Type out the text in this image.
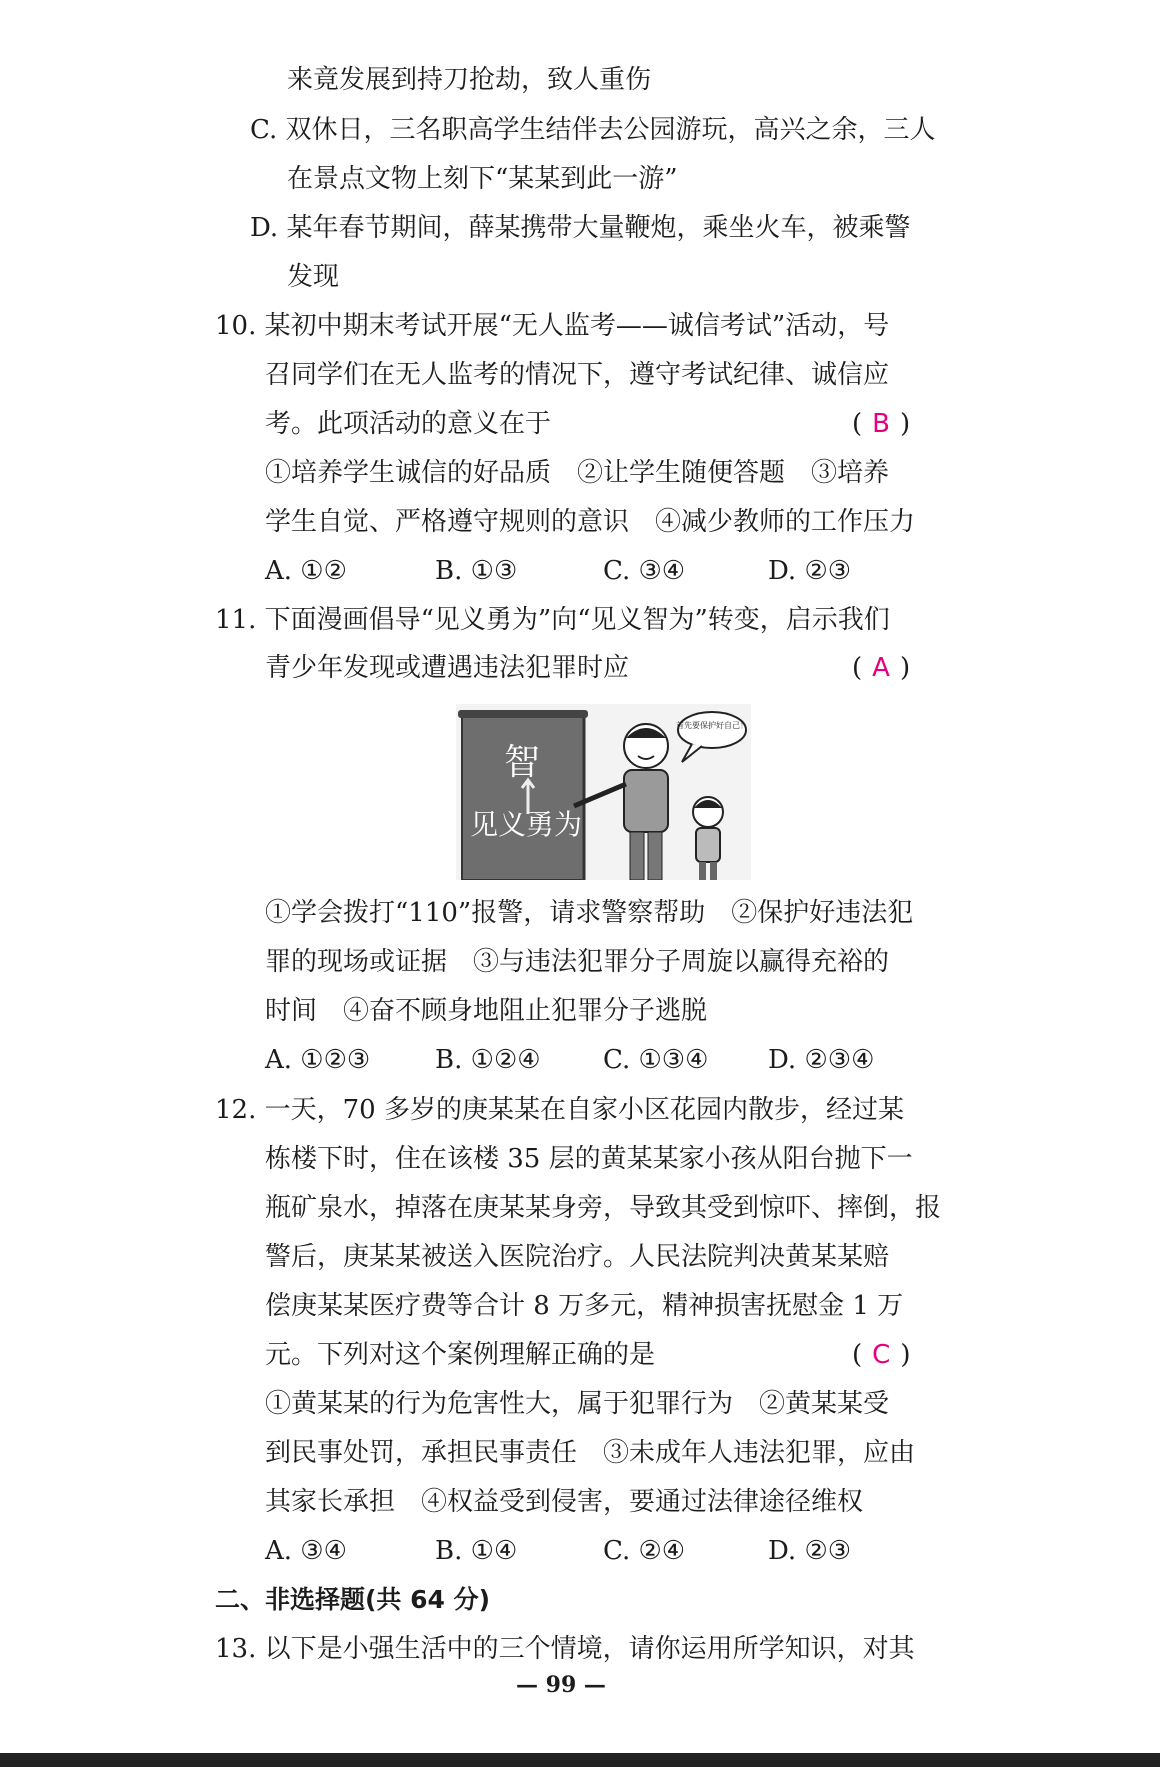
来竟发展到持刀抢劫，致人重伤
C. 双休日，三名职高学生结伴去公园游玩，高兴之余，三人
在景点文物上刻下“某某到此一游”
D. 某年春节期间，薛某携带大量鞭炮，乘坐火车，被乘警
发现
10. 某初中期末考试开展“无人监考——诚信考试”活动，号
召同学们在无人监考的情况下，遵守考试纪律、诚信应
考。此项活动的意义在于	( B )
①培养学生诚信的好品质　②让学生随便答题　③培养
学生自觉、严格遵守规则的意识　④减少教师的工作压力
A. ①②	B. ①③	C. ③④	D. ②③
11. 下面漫画倡导“见义勇为”向“见义智为”转变，启示我们
青少年发现或遭遇违法犯罪时应	( A )
智
见义勇为
首先要保护好自己！
①学会拨打“110”报警，请求警察帮助　②保护好违法犯
罪的现场或证据　③与违法犯罪分子周旋以赢得充裕的
时间　④奋不顾身地阻止犯罪分子逃脱
A. ①②③ B. ①②④ C. ①③④ D. ②③④
12. 一天，70 多岁的庚某某在自家小区花园内散步，经过某
栋楼下时，住在该楼 35 层的黄某某家小孩从阳台抛下一
瓶矿泉水，掉落在庚某某身旁，导致其受到惊吓、摔倒，报
警后，庚某某被送入医院治疗。人民法院判决黄某某赔
偿庚某某医疗费等合计 8 万多元，精神损害抚慰金 1 万
元。下列对这个案例理解正确的是	( C )
①黄某某的行为危害性大，属于犯罪行为　②黄某某受
到民事处罚，承担民事责任　③未成年人违法犯罪，应由
其家长承担　④权益受到侵害，要通过法律途径维权
A. ③④	B. ①④	C. ②④	D. ②③
二、非选择题(共 64 分)
13. 以下是小强生活中的三个情境，请你运用所学知识，对其
— 99 —
